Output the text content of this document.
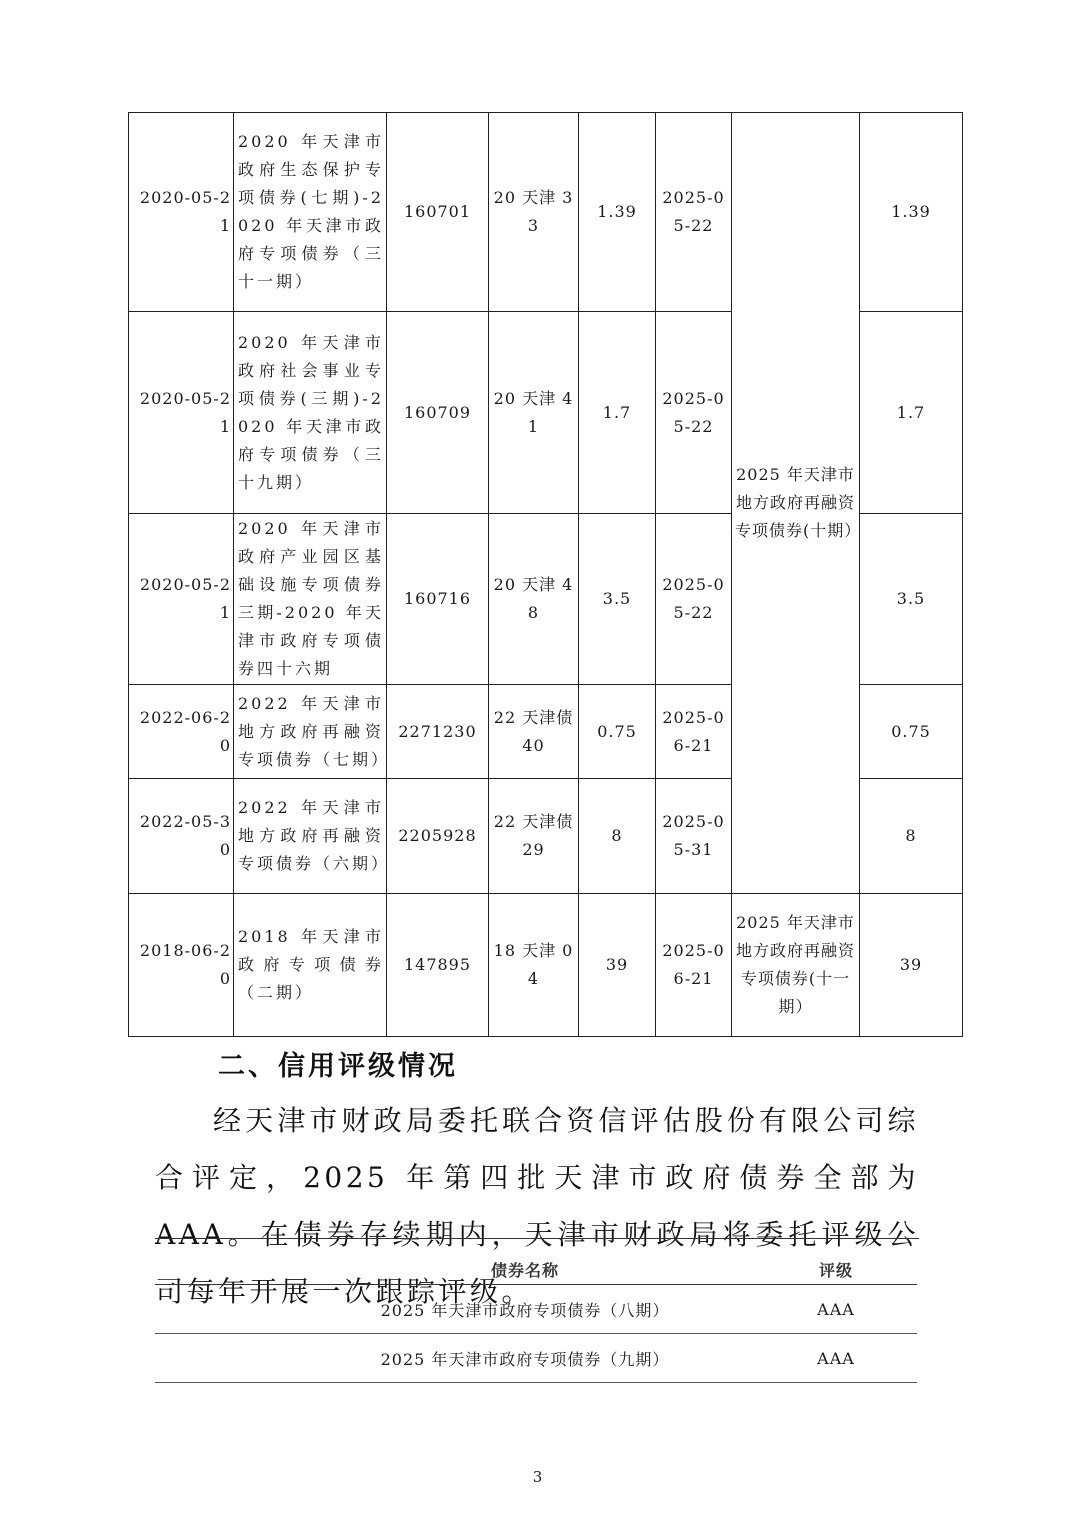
2020-05-21	2020 年天津市政府生态保护专项债券(七期)-2020 年天津市政府专项债券（三十一期）	160701	20 天津 33	1.39	2025-05-22	2025 年天津市地方政府再融资专项债券(十期）	1.39
2020-05-21	2020 年天津市政府社会事业专项债券(三期)-2020 年天津市政府专项债券（三十九期）	160709	20 天津 41	1.7	2025-05-22		1.7
2020-05-21	2020 年天津市政府产业园区基础设施专项债券三期-2020 年天津市政府专项债券四十六期	160716	20 天津 48	3.5	2025-05-22		3.5
2022-06-20	2022 年天津市地方政府再融资专项债券（七期）	2271230	22 天津债 40	0.75	2025-06-21		0.75
2022-05-30	2022 年天津市地方政府再融资专项债券（六期）	2205928	22 天津债 29	8	2025-05-31		8
2018-06-20	2018 年天津市政府专项债券（二期）	147895	18 天津 04	39	2025-06-21	2025 年天津市地方政府再融资专项债券(十一期）	39
二、信用评级情况

经天津市财政局委托联合资信评估股份有限公司综合评定，2025 年第四批天津市政府债券全部为 AAA。在债券存续期内，天津市财政局将委托评级公司每年开展一次跟踪评级。

债券名称	评级
2025 年天津市政府专项债券（八期）	AAA
2025 年天津市政府专项债券（九期）	AAA

3
